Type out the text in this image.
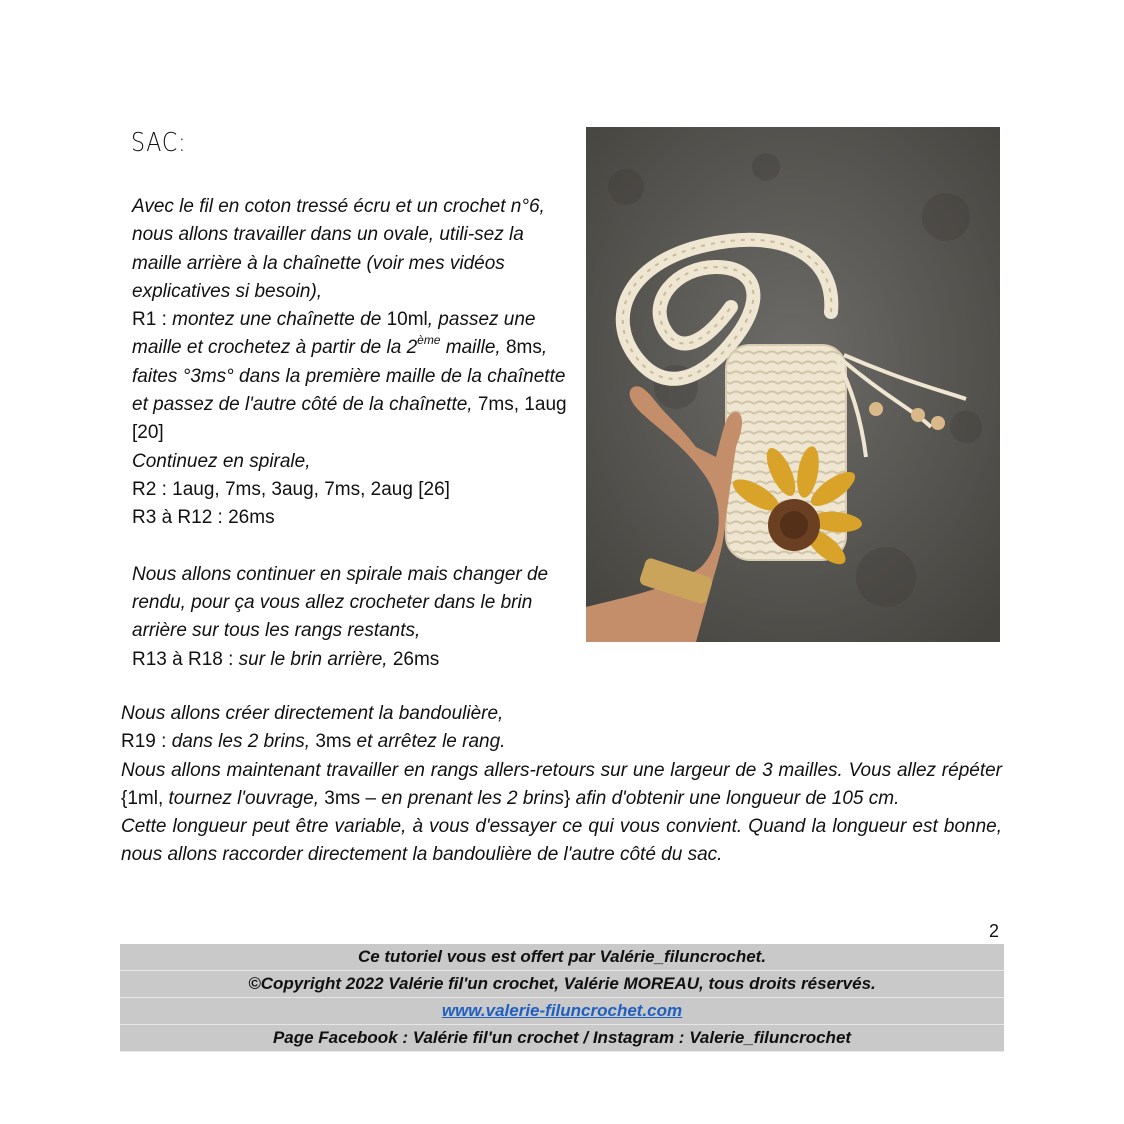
SAC:

Avec le fil en coton tressé écru et un crochet n°6, nous allons travailler dans un ovale, utili-sez la maille arrière à la chaînette (voir mes vidéos explicatives si besoin),

R1 : montez une chaînette de 10ml, passez une maille et crochetez à partir de la 2ème maille, 8ms, faites °3ms° dans la première maille de la chaînette et passez de l'autre côté de la chaînette, 7ms, 1aug [20]

Continuez en spirale,

R2 : 1aug, 7ms, 3aug, 7ms, 2aug [26]

R3 à R12 : 26ms

Nous allons continuer en spirale mais changer de rendu, pour ça vous allez crocheter dans le brin arrière sur tous les rangs restants,

R13 à R18 : sur le brin arrière, 26ms

Nous allons créer directement la bandoulière,

R19 : dans les 2 brins, 3ms et arrêtez le rang.

Nous allons maintenant travailler en rangs allers-retours sur une largeur de 3 mailles. Vous allez répéter {1ml, tournez l'ouvrage, 3ms – en prenant les 2 brins} afin d'obtenir une longueur de 105 cm.

Cette longueur peut être variable, à vous d'essayer ce qui vous convient. Quand la longueur est bonne, nous allons raccorder directement la bandoulière de l'autre côté du sac.

2
Ce tutoriel vous est offert par Valérie_filuncrochet.
©Copyright 2022 Valérie fil'un crochet, Valérie MOREAU, tous droits réservés.
www.valerie-filuncrochet.com
Page Facebook : Valérie fil'un crochet / Instagram : Valerie_filuncrochet
